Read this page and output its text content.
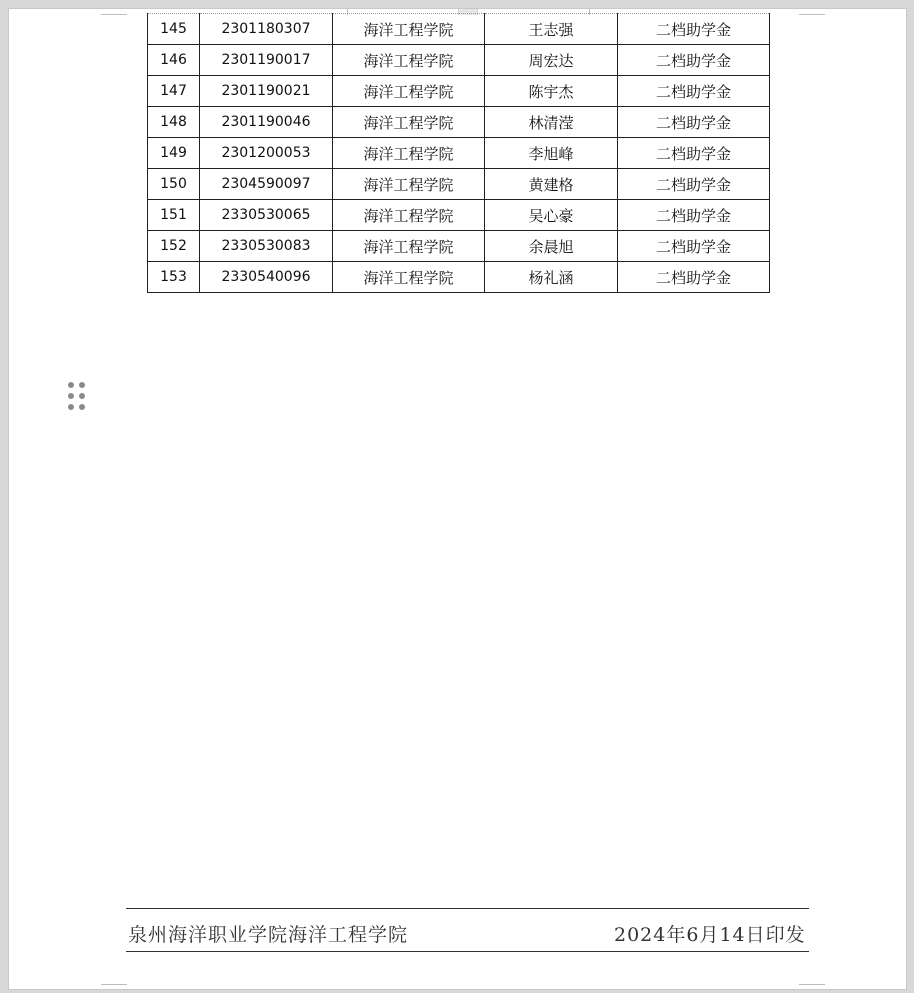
145	2301180307	海洋工程学院	王志强	二档助学金
146	2301190017	海洋工程学院	周宏达	二档助学金
147	2301190021	海洋工程学院	陈宇杰	二档助学金
148	2301190046	海洋工程学院	林清滢	二档助学金
149	2301200053	海洋工程学院	李旭峰	二档助学金
150	2304590097	海洋工程学院	黄建格	二档助学金
151	2330530065	海洋工程学院	吴心豪	二档助学金
152	2330530083	海洋工程学院	余晨旭	二档助学金
153	2330540096	海洋工程学院	杨礼涵	二档助学金
泉州海洋职业学院海洋工程学院	2024年6月14日印发
